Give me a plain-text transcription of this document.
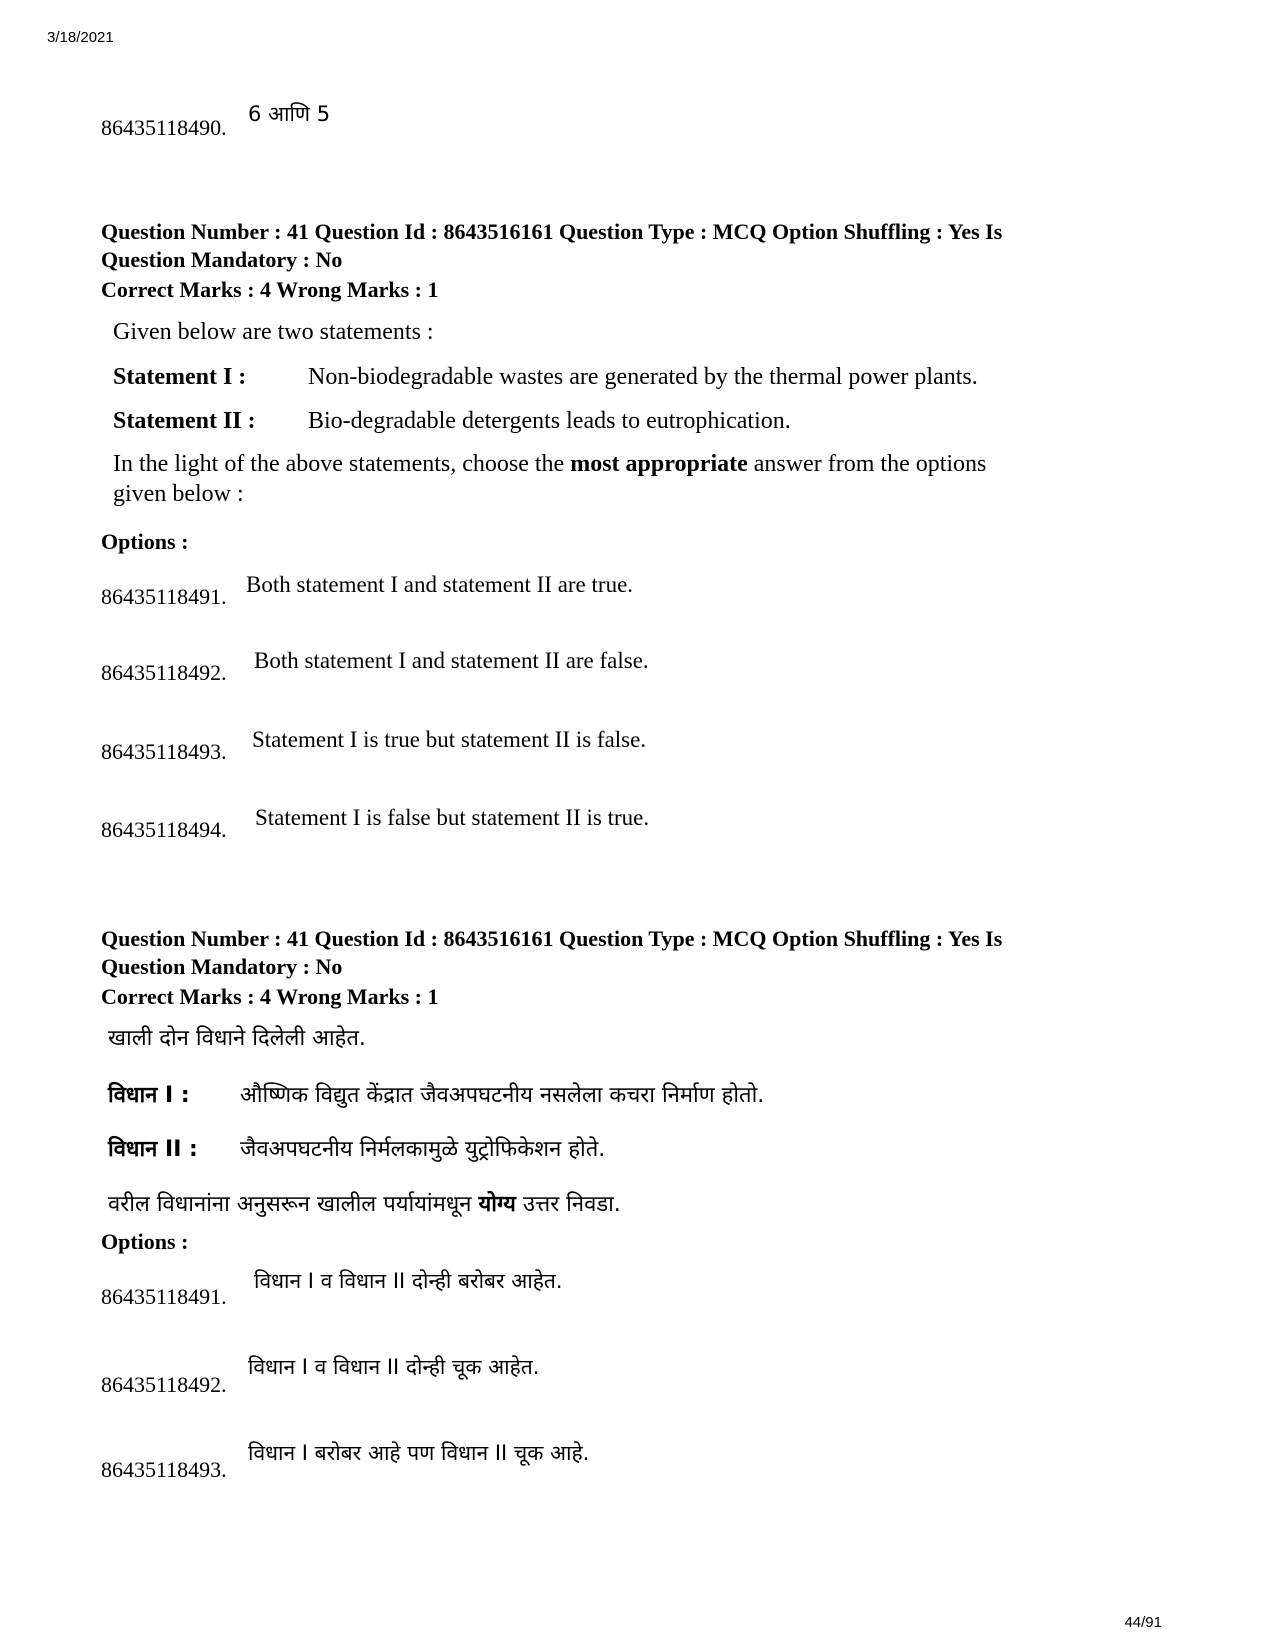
3/18/2021
86435118490.
6 आणि 5
Question Number : 41 Question Id : 8643516161 Question Type : MCQ Option Shuffling : Yes Is
Question Mandatory : No
Correct Marks : 4 Wrong Marks : 1
Given below are two statements :
Statement I :	Non-biodegradable wastes are generated by the thermal power plants.
Statement II : Bio-degradable detergents leads to eutrophication.
In the light of the above statements, choose the most appropriate answer from the options
given below :
Options :
86435118491. Both statement I and statement II are true.
86435118492. Both statement I and statement II are false.
86435118493. Statement I is true but statement II is false.
86435118494. Statement I is false but statement II is true.
Question Number : 41 Question Id : 8643516161 Question Type : MCQ Option Shuffling : Yes Is
Question Mandatory : No
Correct Marks : 4 Wrong Marks : 1
खाली दोन विधाने दिलेली आहेत.
विधान I : औष्णिक विद्युत केंद्रात जैवअपघटनीय नसलेला कचरा निर्माण होतो.
विधान II : जैवअपघटनीय निर्मलकामुळे युट्रोफिकेशन होते.
वरील विधानांना अनुसरून खालील पर्यायांमधून योग्य उत्तर निवडा.
Options :
86435118491.
विधान I व विधान II दोन्ही बरोबर आहेत.
86435118492.
विधान I व विधान II दोन्ही चूक आहेत.
86435118493.
विधान I बरोबर आहे पण विधान II चूक आहे.
44/91
